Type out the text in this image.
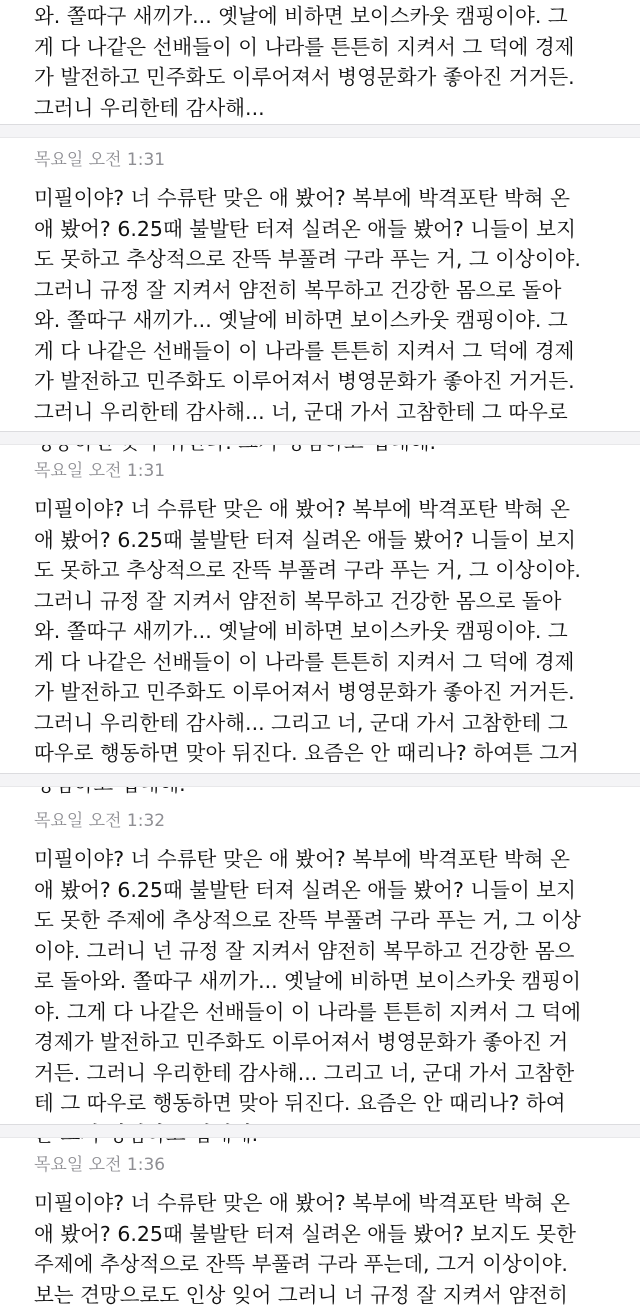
와. 쫄따구 새끼가... 옛날에 비하면 보이스카웃 캠핑이야. 그
게 다 나같은 선배들이 이 나라를 튼튼히 지켜서 그 덕에 경제
가 발전하고 민주화도 이루어져서 병영문화가 좋아진 거거든.
그러니 우리한테 감사해...
목요일 오전 1:31
미필이야? 너 수류탄 맞은 애 봤어? 복부에 박격포탄 박혀 온
애 봤어? 6.25때 불발탄 터져 실려온 애들 봤어? 니들이 보지
도 못하고 추상적으로 잔뜩 부풀려 구라 푸는 거, 그 이상이야.
그러니 규정 잘 지켜서 얌전히 복무하고 건강한 몸으로 돌아
와. 쫄따구 새끼가... 옛날에 비하면 보이스카웃 캠핑이야. 그
게 다 나같은 선배들이 이 나라를 튼튼히 지켜서 그 덕에 경제
가 발전하고 민주화도 이루어져서 병영문화가 좋아진 거거든.
그러니 우리한테 감사해... 너, 군대 가서 고참한테 그 따우로
목요일 오전 1:31
미필이야? 너 수류탄 맞은 애 봤어? 복부에 박격포탄 박혀 온
애 봤어? 6.25때 불발탄 터져 실려온 애들 봤어? 니들이 보지
도 못하고 추상적으로 잔뜩 부풀려 구라 푸는 거, 그 이상이야.
그러니 규정 잘 지켜서 얌전히 복무하고 건강한 몸으로 돌아
와. 쫄따구 새끼가... 옛날에 비하면 보이스카웃 캠핑이야. 그
게 다 나같은 선배들이 이 나라를 튼튼히 지켜서 그 덕에 경제
가 발전하고 민주화도 이루어져서 병영문화가 좋아진 거거든.
그러니 우리한테 감사해... 그리고 너, 군대 가서 고참한테 그
따우로 행동하면 맞아 뒤진다. 요즘은 안 때리나? 하여튼 그거
목요일 오전 1:32
미필이야? 너 수류탄 맞은 애 봤어? 복부에 박격포탄 박혀 온
애 봤어? 6.25때 불발탄 터져 실려온 애들 봤어? 니들이 보지
도 못한 주제에 추상적으로 잔뜩 부풀려 구라 푸는 거, 그 이상
이야. 그러니 넌 규정 잘 지켜서 얌전히 복무하고 건강한 몸으
로 돌아와. 쫄따구 새끼가... 옛날에 비하면 보이스카웃 캠핑이
야. 그게 다 나같은 선배들이 이 나라를 튼튼히 지켜서 그 덕에
경제가 발전하고 민주화도 이루어져서 병영문화가 좋아진 거
거든. 그러니 우리한테 감사해... 그리고 너, 군대 가서 고참한
테 그 따우로 행동하면 맞아 뒤진다. 요즘은 안 때리나? 하여
목요일 오전 1:36
미필이야? 너 수류탄 맞은 애 봤어? 복부에 박격포탄 박혀 온
애 봤어? 6.25때 불발탄 터져 실려온 애들 봤어? 보지도 못한
주제에 추상적으로 잔뜩 부풀려 구라 푸는데, 그거 이상이야.
보는 견망으로도 인상 잊어 그러니 너 규정 잘 지켜서 얌전히
